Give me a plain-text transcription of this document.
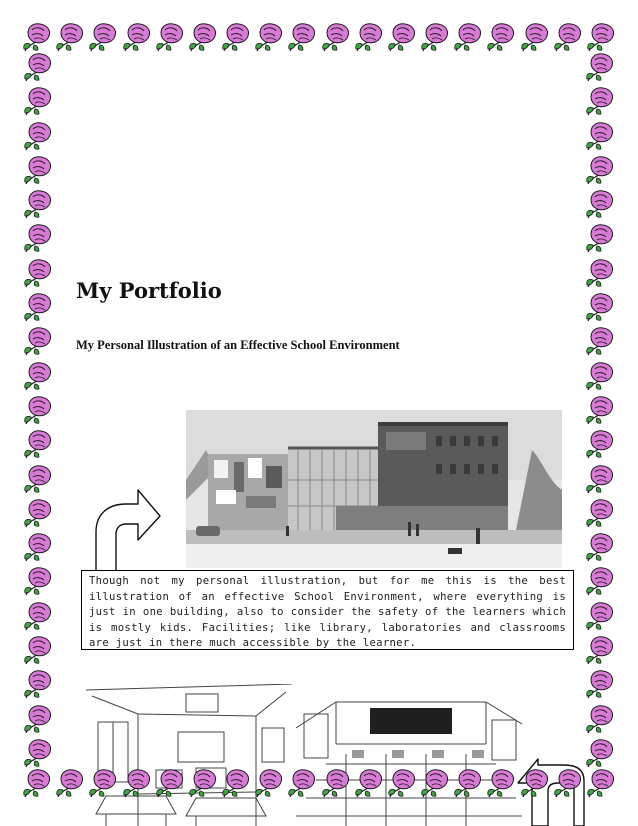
My Portfolio

My Personal Illustration of an Effective School Environment

Though not my personal illustration, but for me this is the best illustration of an effective School Environment, where everything is just in one building, also to consider the safety of the learners which is mostly kids. Facilities; like library, laboratories and classrooms are just in there much accessible by the learner.
